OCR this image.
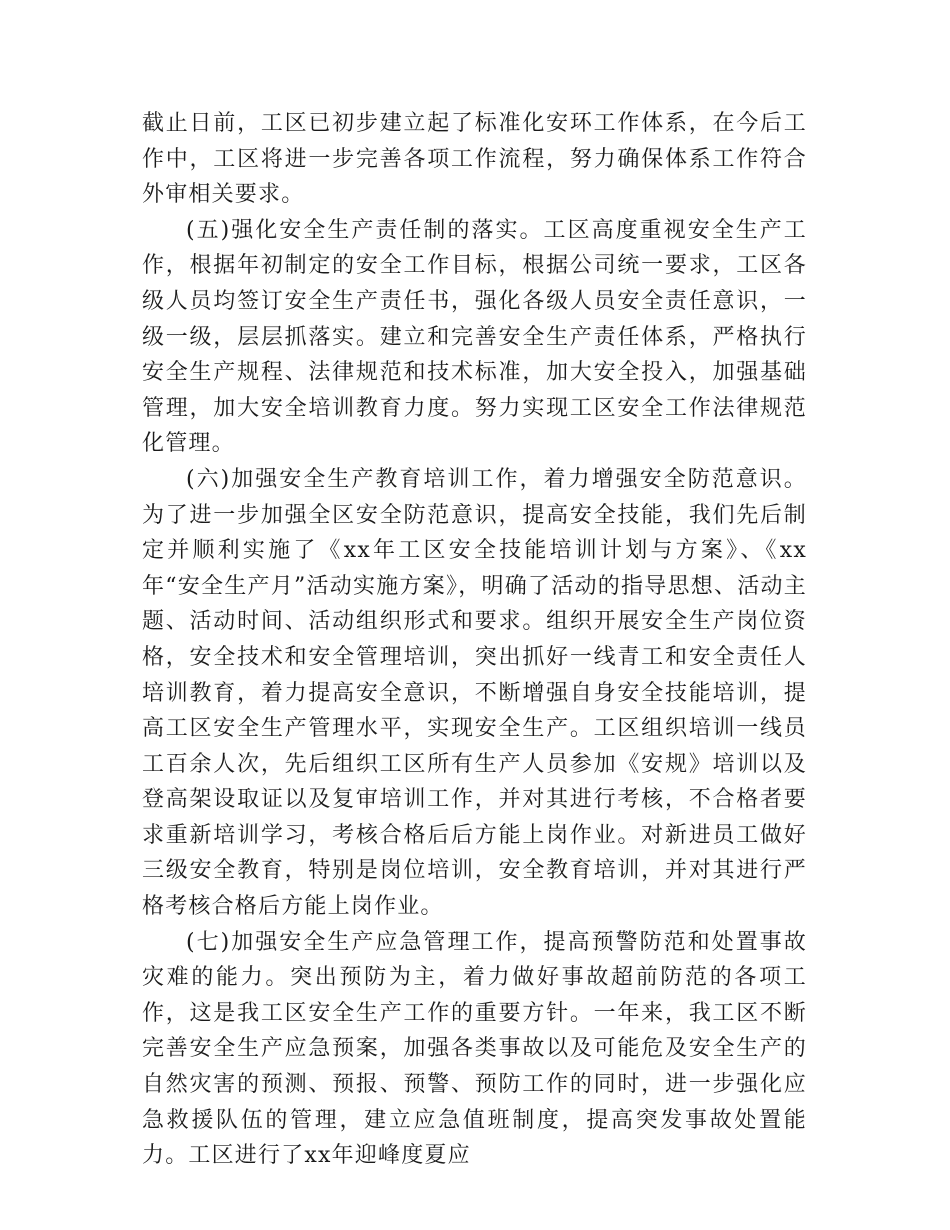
截止日前，工区已初步建立起了标准化安环工作体系，在今后工作中，工区将进一步完善各项工作流程，努力确保体系工作符合外审相关要求。

(五)强化安全生产责任制的落实。工区高度重视安全生产工作，根据年初制定的安全工作目标，根据公司统一要求，工区各级人员均签订安全生产责任书，强化各级人员安全责任意识，一级一级，层层抓落实。建立和完善安全生产责任体系，严格执行安全生产规程、法律规范和技术标准，加大安全投入，加强基础管理，加大安全培训教育力度。努力实现工区安全工作法律规范化管理。

(六)加强安全生产教育培训工作，着力增强安全防范意识。为了进一步加强全区安全防范意识，提高安全技能，我们先后制定并顺利实施了《xx年工区安全技能培训计划与方案》、《xx年“安全生产月”活动实施方案》，明确了活动的指导思想、活动主题、活动时间、活动组织形式和要求。组织开展安全生产岗位资格，安全技术和安全管理培训，突出抓好一线青工和安全责任人培训教育，着力提高安全意识，不断增强自身安全技能培训，提高工区安全生产管理水平，实现安全生产。工区组织培训一线员工百余人次，先后组织工区所有生产人员参加《安规》培训以及登高架设取证以及复审培训工作，并对其进行考核，不合格者要求重新培训学习，考核合格后后方能上岗作业。对新进员工做好三级安全教育，特别是岗位培训，安全教育培训，并对其进行严格考核合格后方能上岗作业。

(七)加强安全生产应急管理工作，提高预警防范和处置事故灾难的能力。突出预防为主，着力做好事故超前防范的各项工作，这是我工区安全生产工作的重要方针。一年来，我工区不断完善安全生产应急预案，加强各类事故以及可能危及安全生产的自然灾害的预测、预报、预警、预防工作的同时，进一步强化应急救援队伍的管理，建立应急值班制度，提高突发事故处置能力。工区进行了xx年迎峰度夏应
